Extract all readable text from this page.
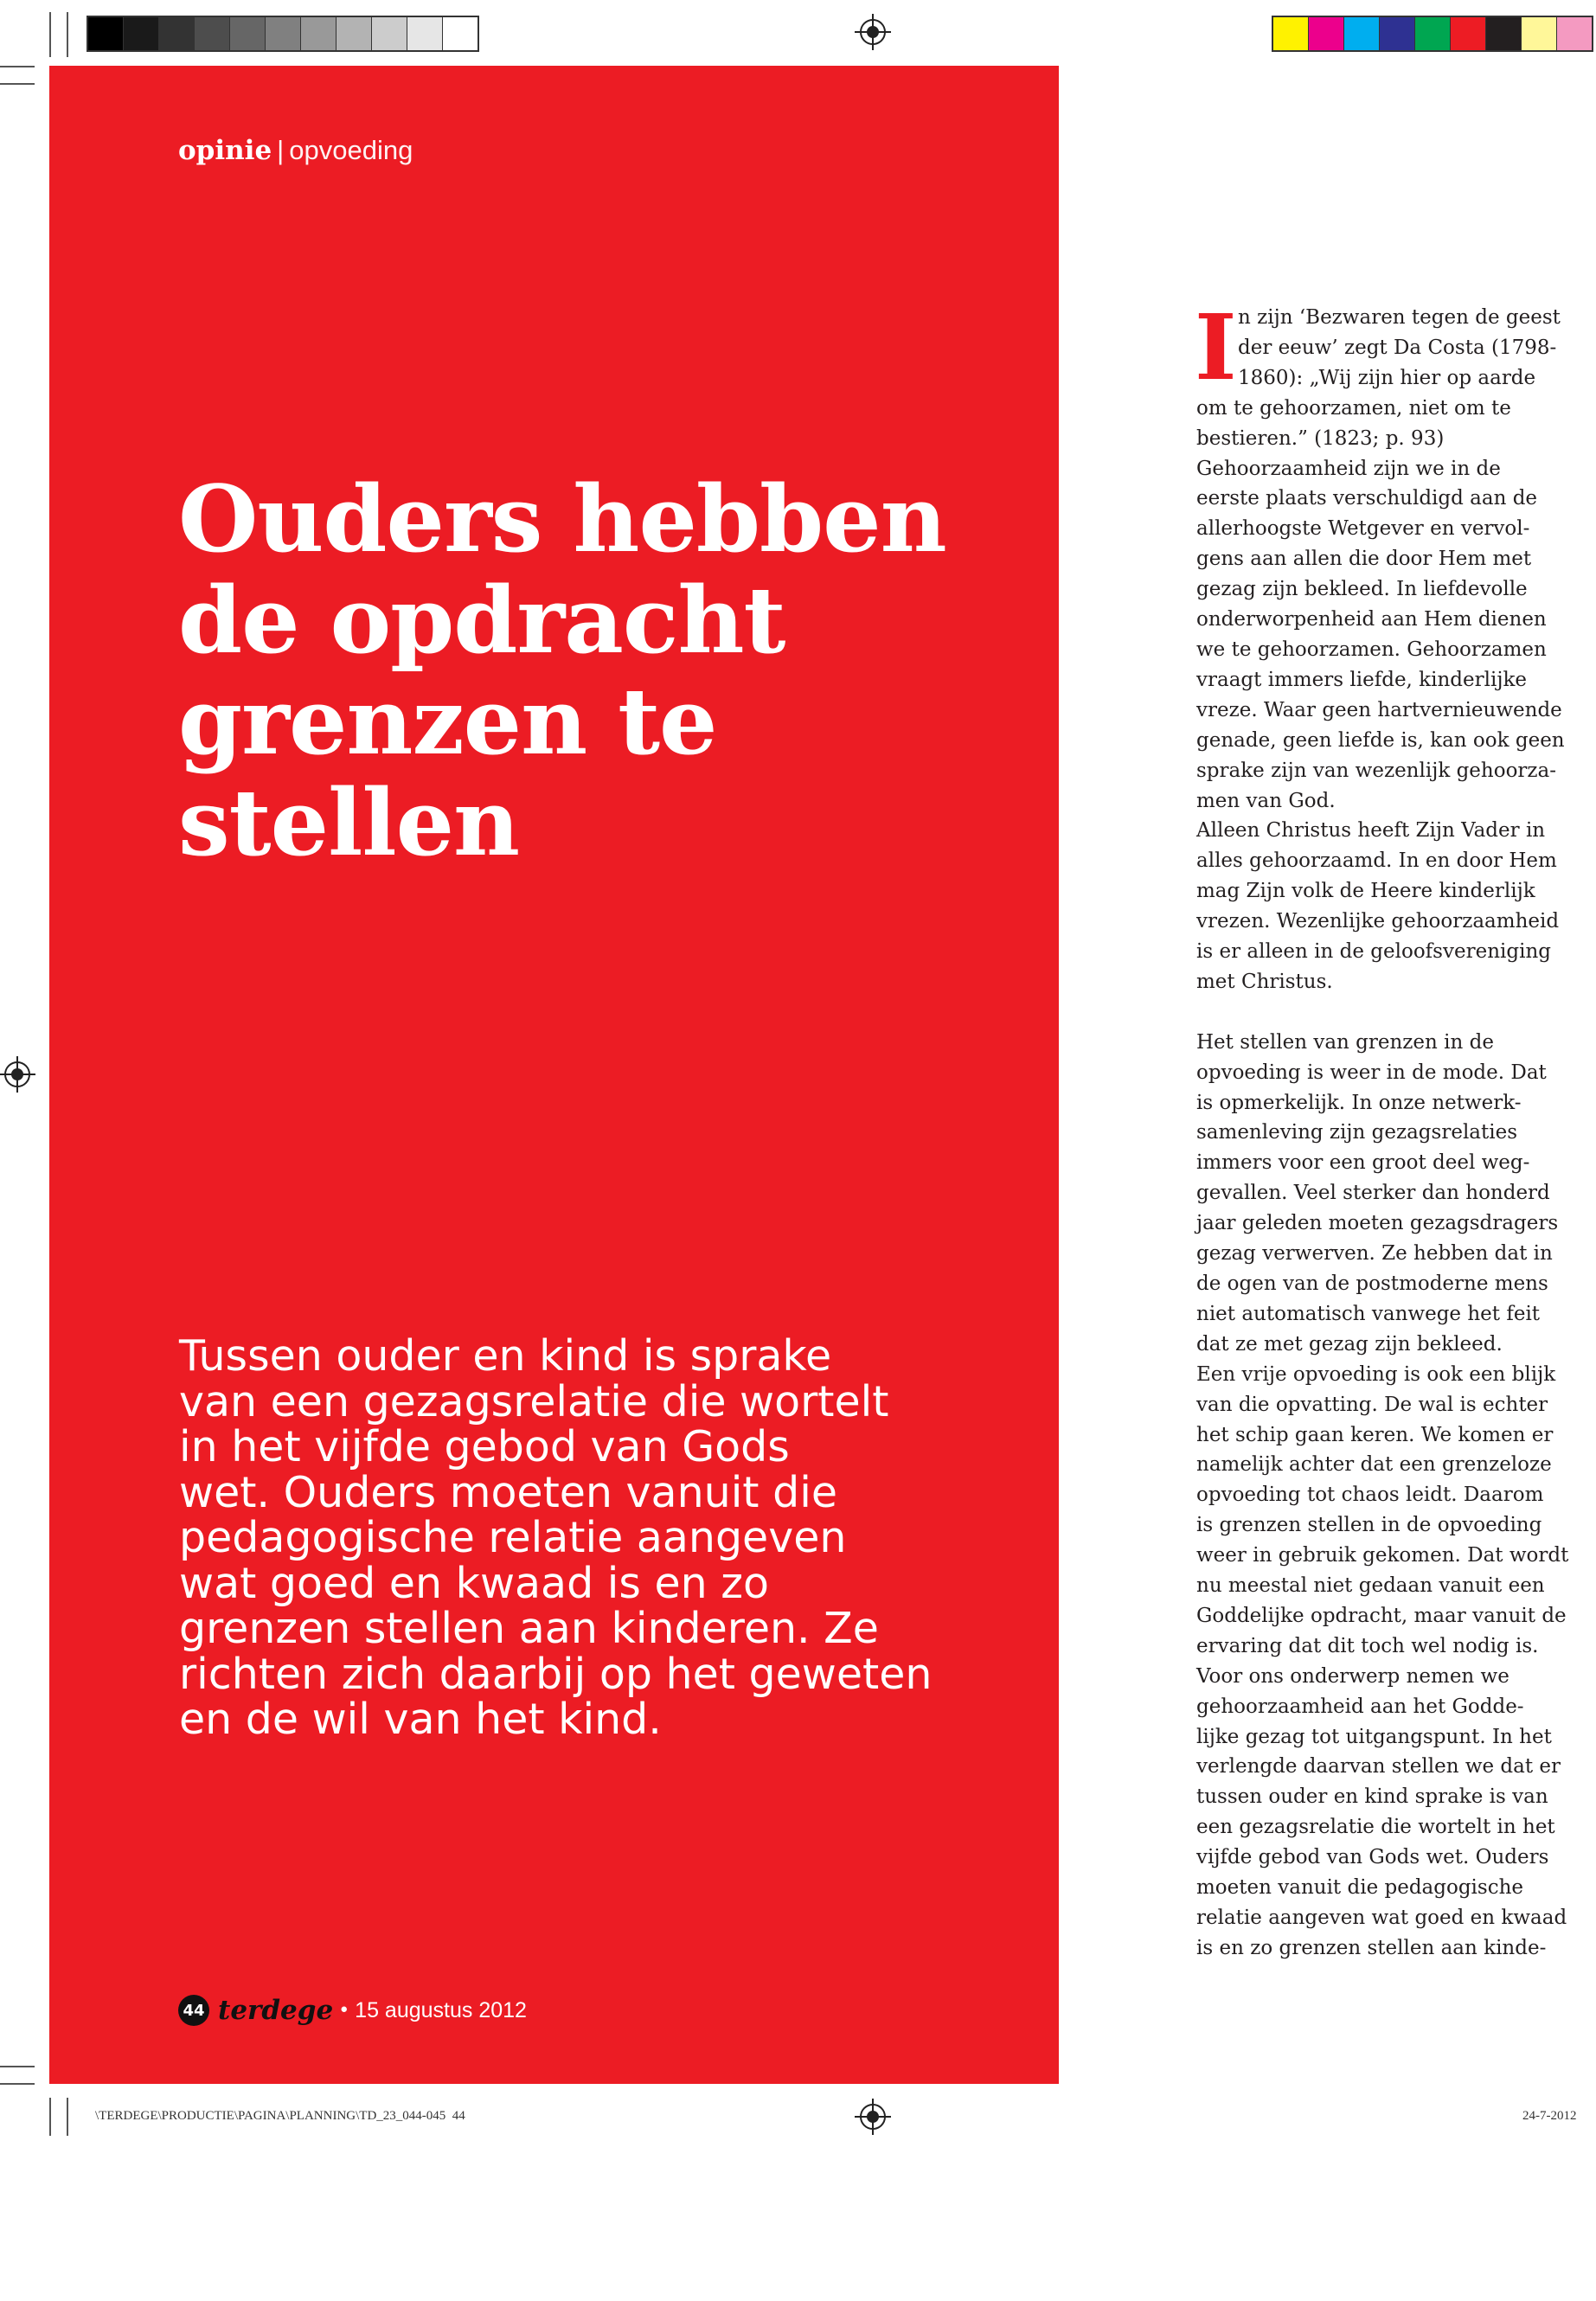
opinie | opvoeding
Ouders hebben
de opdracht
grenzen te
stellen

Tussen ouder en kind is sprake
van een gezagsrelatie die wortelt
in het vijfde gebod van Gods
wet. Ouders moeten vanuit die
pedagogische relatie aangeven
wat goed en kwaad is en zo
grenzen stellen aan kinderen. Ze
richten zich daarbij op het geweten
en de wil van het kind.

44 terdege • 15 augustus 2012
I n zijn ‘Bezwaren tegen de geest
der eeuw’ zegt Da Costa (1798-
1860): „Wij zijn hier op aarde
om te gehoorzamen, niet om te
bestieren.” (1823; p. 93)
Gehoorzaamheid zijn we in de
eerste plaats verschuldigd aan de
allerhoogste Wetgever en vervol-
gens aan allen die door Hem met
gezag zijn bekleed. In liefdevolle
onderworpenheid aan Hem dienen
we te gehoorzamen. Gehoorzamen
vraagt immers liefde, kinderlijke
vreze. Waar geen hartvernieuwende
genade, geen liefde is, kan ook geen
sprake zijn van wezenlijk gehoorza-
men van God.
Alleen Christus heeft Zijn Vader in
alles gehoorzaamd. In en door Hem
mag Zijn volk de Heere kinderlijk
vrezen. Wezenlijke gehoorzaamheid
is er alleen in de geloofsvereniging
met Christus.
Het stellen van grenzen in de
opvoeding is weer in de mode. Dat
is opmerkelijk. In onze netwerk-
samenleving zijn gezagsrelaties
immers voor een groot deel weg-
gevallen. Veel sterker dan honderd
jaar geleden moeten gezagsdragers
gezag verwerven. Ze hebben dat in
de ogen van de postmoderne mens
niet automatisch vanwege het feit
dat ze met gezag zijn bekleed.
Een vrije opvoeding is ook een blijk
van die opvatting. De wal is echter
het schip gaan keren. We komen er
namelijk achter dat een grenzeloze
opvoeding tot chaos leidt. Daarom
is grenzen stellen in de opvoeding
weer in gebruik gekomen. Dat wordt
nu meestal niet gedaan vanuit een
Goddelijke opdracht, maar vanuit de
ervaring dat dit toch wel nodig is.
Voor ons onderwerp nemen we
gehoorzaamheid aan het Godde-
lijke gezag tot uitgangspunt. In het
verlengde daarvan stellen we dat er
tussen ouder en kind sprake is van
een gezagsrelatie die wortelt in het
vijfde gebod van Gods wet. Ouders
moeten vanuit die pedagogische
relatie aangeven wat goed en kwaad
is en zo grenzen stellen aan kinde-
\TERDEGE\PRODUCTIE\PAGINA\PLANNING\TD_23_044-045 44	24-7-2012
